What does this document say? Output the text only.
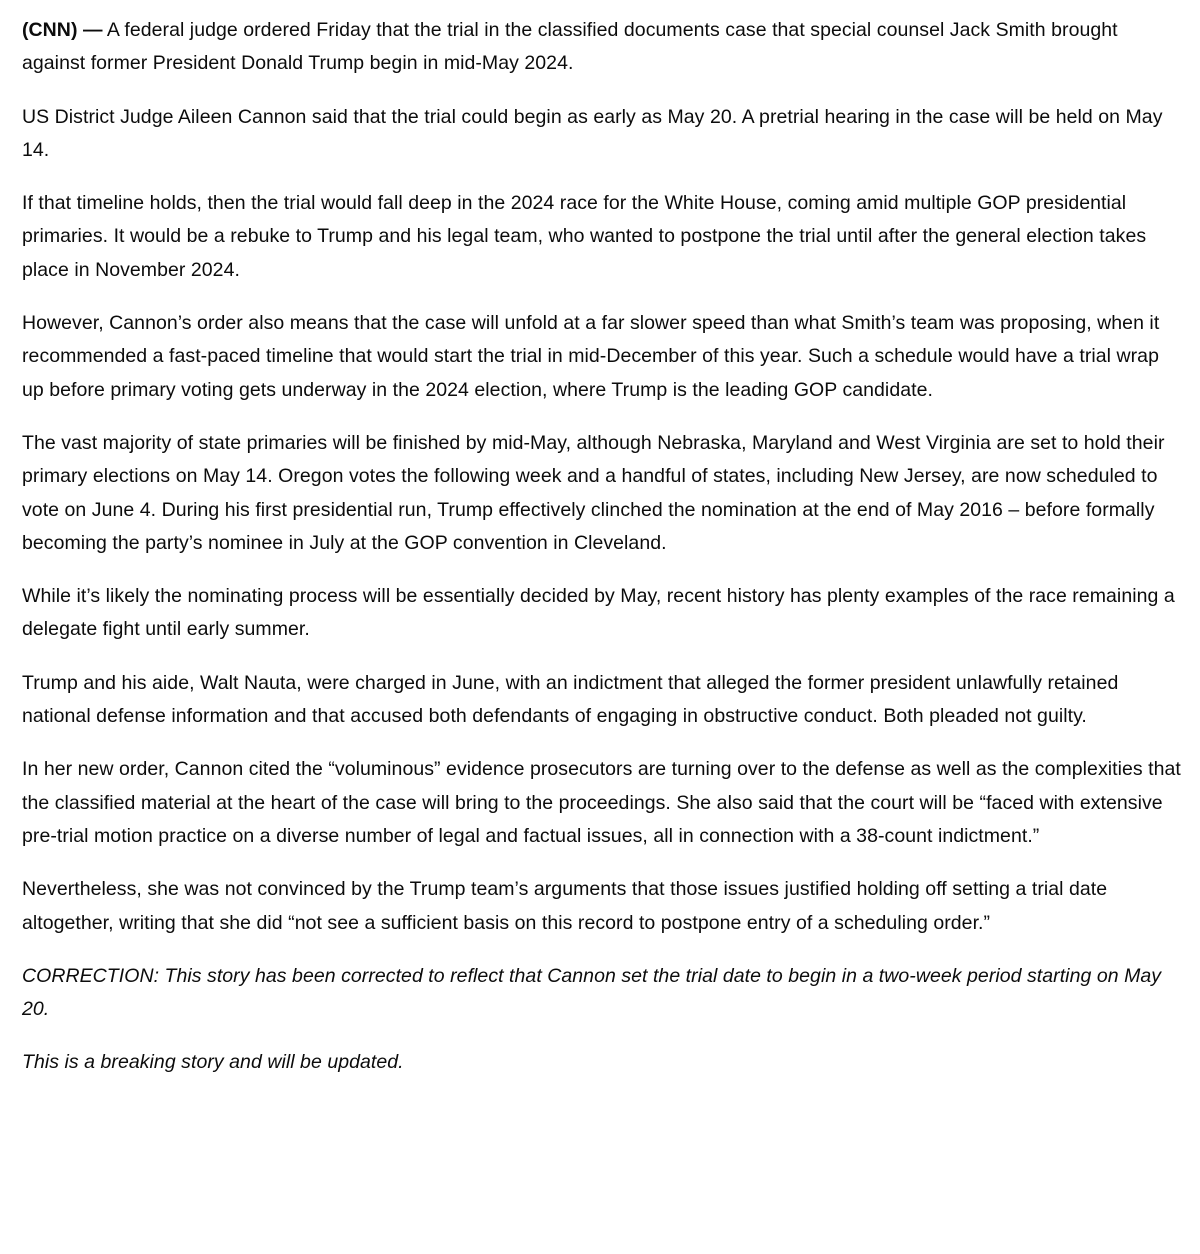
(CNN) — A federal judge ordered Friday that the trial in the classified documents case that special counsel Jack Smith brought against former President Donald Trump begin in mid-May 2024.

US District Judge Aileen Cannon said that the trial could begin as early as May 20. A pretrial hearing in the case will be held on May 14.

If that timeline holds, then the trial would fall deep in the 2024 race for the White House, coming amid multiple GOP presidential primaries. It would be a rebuke to Trump and his legal team, who wanted to postpone the trial until after the general election takes place in November 2024.

However, Cannon’s order also means that the case will unfold at a far slower speed than what Smith’s team was proposing, when it recommended a fast-paced timeline that would start the trial in mid-December of this year. Such a schedule would have a trial wrap up before primary voting gets underway in the 2024 election, where Trump is the leading GOP candidate.

The vast majority of state primaries will be finished by mid-May, although Nebraska, Maryland and West Virginia are set to hold their primary elections on May 14. Oregon votes the following week and a handful of states, including New Jersey, are now scheduled to vote on June 4. During his first presidential run, Trump effectively clinched the nomination at the end of May 2016 – before formally becoming the party’s nominee in July at the GOP convention in Cleveland.

While it’s likely the nominating process will be essentially decided by May, recent history has plenty examples of the race remaining a delegate fight until early summer.

Trump and his aide, Walt Nauta, were charged in June, with an indictment that alleged the former president unlawfully retained national defense information and that accused both defendants of engaging in obstructive conduct. Both pleaded not guilty.

In her new order, Cannon cited the “voluminous” evidence prosecutors are turning over to the defense as well as the complexities that the classified material at the heart of the case will bring to the proceedings. She also said that the court will be “faced with extensive pre-trial motion practice on a diverse number of legal and factual issues, all in connection with a 38-count indictment.”

Nevertheless, she was not convinced by the Trump team’s arguments that those issues justified holding off setting a trial date altogether, writing that she did “not see a sufficient basis on this record to postpone entry of a scheduling order.”

CORRECTION: This story has been corrected to reflect that Cannon set the trial date to begin in a two-week period starting on May 20.

This is a breaking story and will be updated.
